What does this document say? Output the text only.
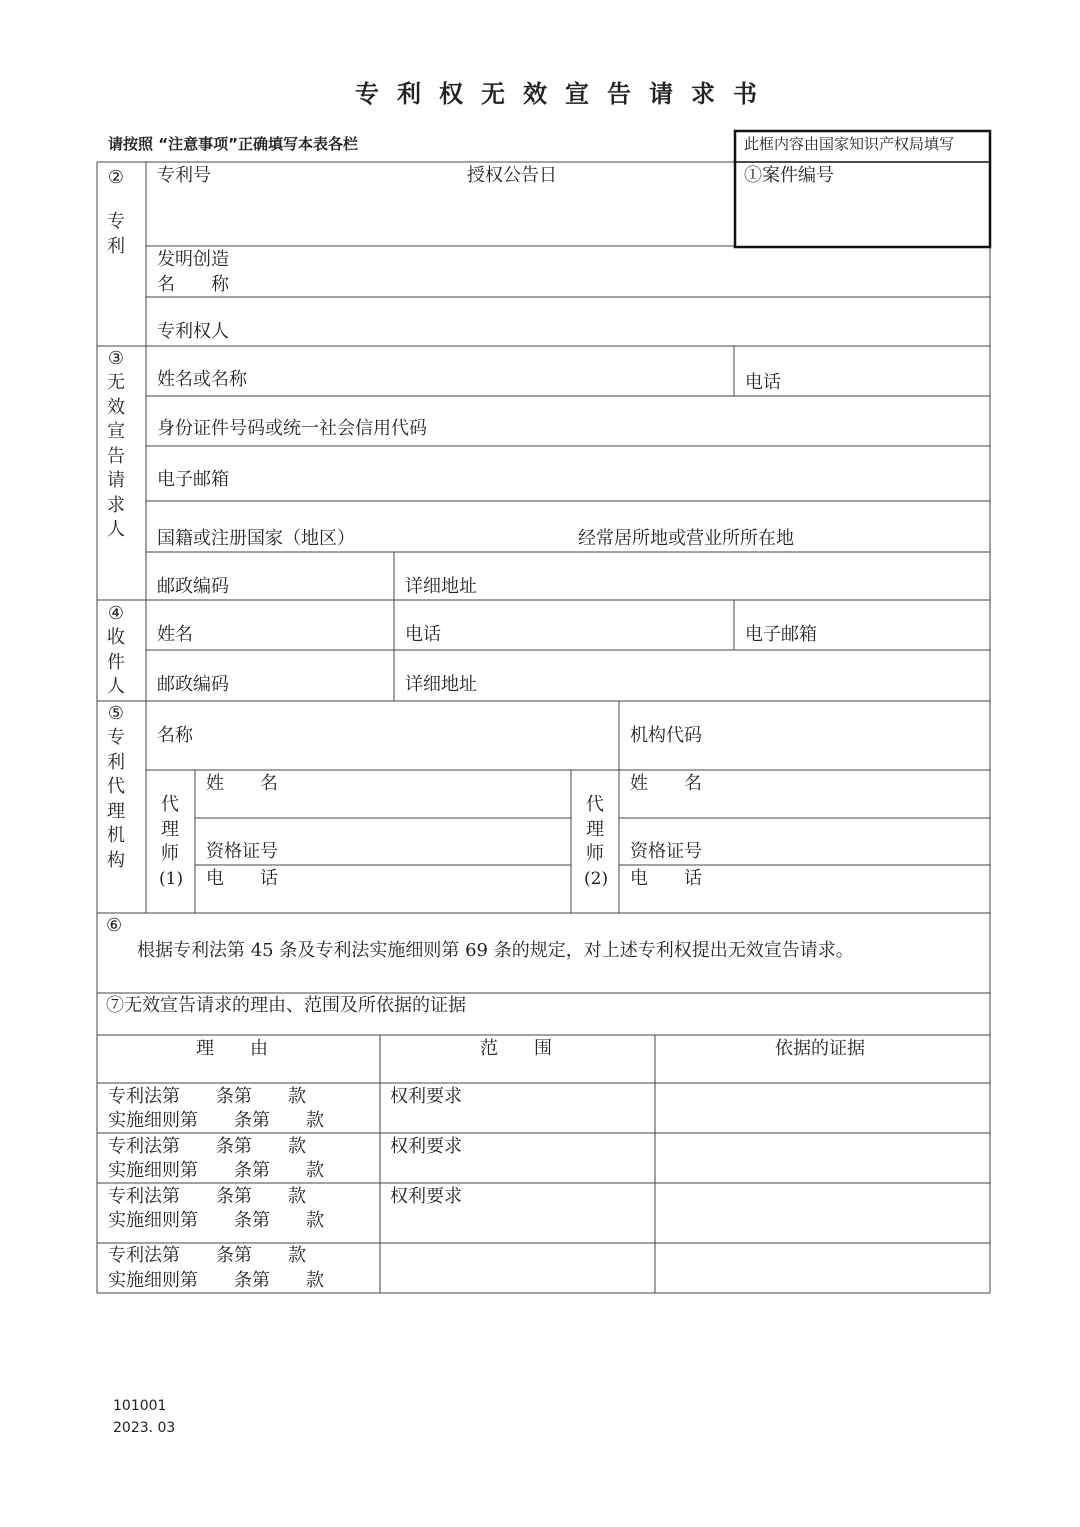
专利权无效宣告请求书
请按照 “注意事项”正确填写本表各栏	此框内容由国家知识产权局填写
①案件编号
②
专利
专利号	授权公告日
发明创造
名　　称
专利权人
③
无效宣告请求人
姓名或名称	电话
身份证件号码或统一社会信用代码
电子邮箱
国籍或注册国家（地区）	经常居所地或营业所所在地
邮政编码	详细地址
④
收件人
姓名	电话	电子邮箱
邮政编码	详细地址
⑤
专利代理机构
名称	机构代码
代理师
(1)
姓　　名
资格证号
电　　话
代理师
(2)
姓　　名
资格证号
电　　话
⑥
根据专利法第 45 条及专利法实施细则第 69 条的规定，对上述专利权提出无效宣告请求。
⑦无效宣告请求的理由、范围及所依据的证据
理　　由	范　　围	依据的证据
专利法第　　条第　　款
实施细则第　　条第　　款
权利要求
专利法第　　条第　　款
实施细则第　　条第　　款
权利要求
专利法第　　条第　　款
实施细则第　　条第　　款
权利要求
专利法第　　条第　　款
实施细则第　　条第　　款
101001
2023. 03
